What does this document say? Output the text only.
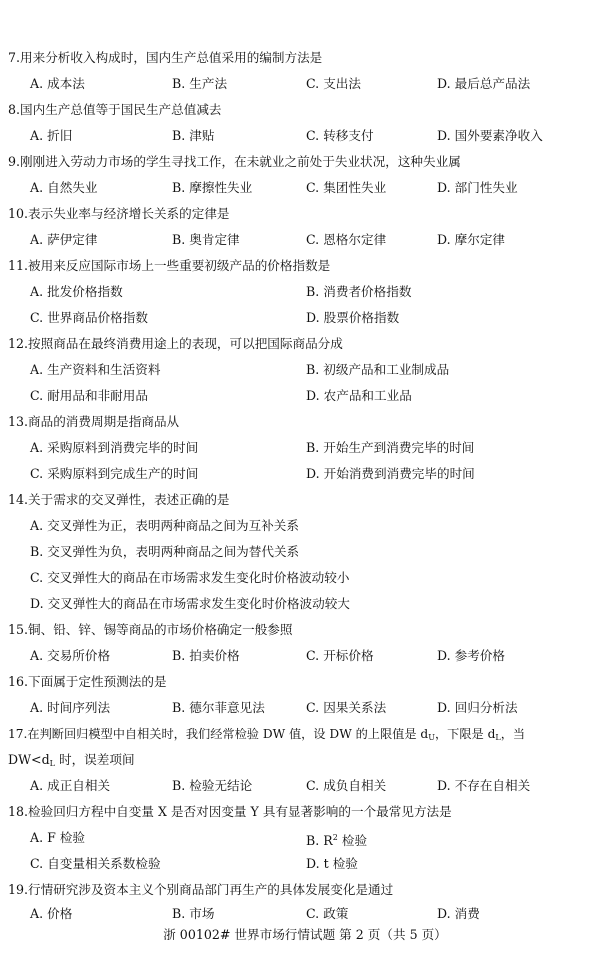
7.用来分析收入构成时，国内生产总值采用的编制方法是
A. 成本法	B. 生产法	C. 支出法	D. 最后总产品法
8.国内生产总值等于国民生产总值减去
A. 折旧	B. 津贴	C. 转移支付	D. 国外要素净收入
9.刚刚进入劳动力市场的学生寻找工作，在未就业之前处于失业状况，这种失业属
A. 自然失业	B. 摩擦性失业	C. 集团性失业	D. 部门性失业
10.表示失业率与经济增长关系的定律是
A. 萨伊定律	B. 奥肯定律	C. 恩格尔定律	D. 摩尔定律
11.被用来反应国际市场上一些重要初级产品的价格指数是
A. 批发价格指数	B. 消费者价格指数
C. 世界商品价格指数	D. 股票价格指数
12.按照商品在最终消费用途上的表现，可以把国际商品分成
A. 生产资料和生活资料	B. 初级产品和工业制成品
C. 耐用品和非耐用品	D. 农产品和工业品
13.商品的消费周期是指商品从
A. 采购原料到消费完毕的时间	B. 开始生产到消费完毕的时间
C. 采购原料到完成生产的时间	D. 开始消费到消费完毕的时间
14.关于需求的交叉弹性，表述正确的是
A. 交叉弹性为正，表明两种商品之间为互补关系
B. 交叉弹性为负，表明两种商品之间为替代关系
C. 交叉弹性大的商品在市场需求发生变化时价格波动较小
D. 交叉弹性大的商品在市场需求发生变化时价格波动较大
15.铜、铅、锌、锡等商品的市场价格确定一般参照
A. 交易所价格	B. 拍卖价格	C. 开标价格	D. 参考价格
16.下面属于定性预测法的是
A. 时间序列法	B. 德尔菲意见法	C. 因果关系法	D. 回归分析法
17.在判断回归模型中自相关时，我们经常检验 DW 值，设 DW 的上限值是 $d_U$，下限是 $d_L$，当
$DW<d_L$ 时，误差项间
A. 成正自相关	B. 检验无结论	C. 成负自相关	D. 不存在自相关
18.检验回归方程中自变量 X 是否对因变量 Y 具有显著影响的一个最常见方法是
A. F 检验	B. $R^2$ 检验
C. 自变量相关系数检验	D. t 检验
19.行情研究涉及资本主义个别商品部门再生产的具体发展变化是通过
A. 价格	B. 市场	C. 政策	D. 消费
浙 00102# 世界市场行情试题 第 2 页（共 5 页）
